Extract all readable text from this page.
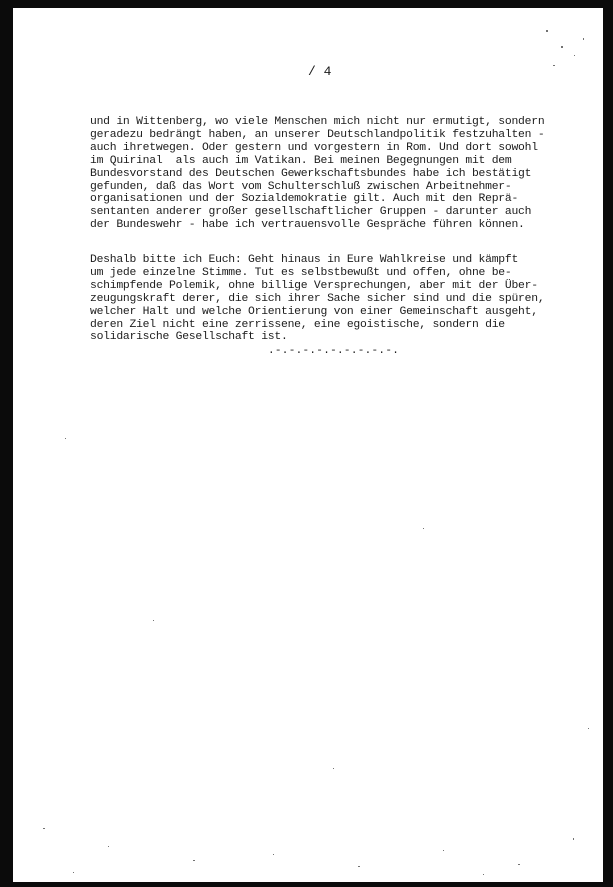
/ 4

und in Wittenberg, wo viele Menschen mich nicht nur ermutigt, sondern
geradezu bedrängt haben, an unserer Deutschlandpolitik festzuhalten -
auch ihretwegen. Oder gestern und vorgestern in Rom. Und dort sowohl
im Quirinal  als auch im Vatikan. Bei meinen Begegnungen mit dem
Bundesvorstand des Deutschen Gewerkschaftsbundes habe ich bestätigt
gefunden, daß das Wort vom Schulterschluß zwischen Arbeitnehmer-
organisationen und der Sozialdemokratie gilt. Auch mit den Reprä-
sentanten anderer großer gesellschaftlicher Gruppen - darunter auch
der Bundeswehr - habe ich vertrauensvolle Gespräche führen können.

Deshalb bitte ich Euch: Geht hinaus in Eure Wahlkreise und kämpft
um jede einzelne Stimme. Tut es selbstbewußt und offen, ohne be-
schimpfende Polemik, ohne billige Versprechungen, aber mit der Über-
zeugungskraft derer, die sich ihrer Sache sicher sind und die spüren,
welcher Halt und welche Orientierung von einer Gemeinschaft ausgeht,
deren Ziel nicht eine zerrissene, eine egoistische, sondern die
solidarische Gesellschaft ist.

.-.-.-.-.-.-.-.-.-.
